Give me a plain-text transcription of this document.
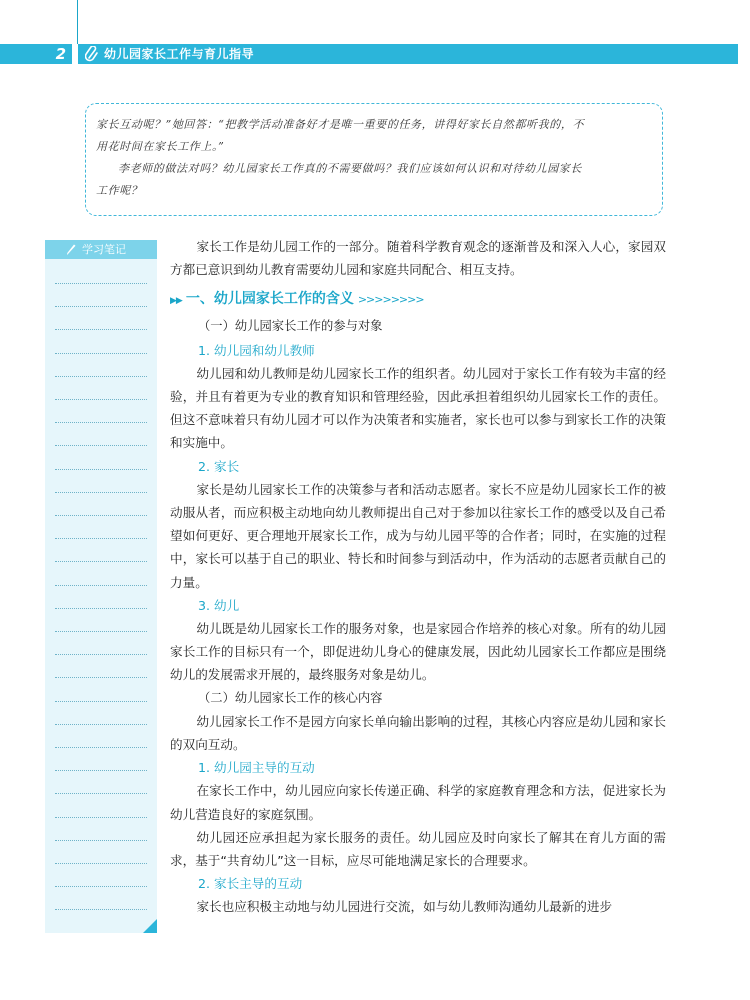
2	幼儿园家长工作与育儿指导

家长互动呢？”她回答：“把教学活动准备好才是唯一重要的任务，讲得好家长自然都听我的，不

用花时间在家长工作上。”

李老师的做法对吗？幼儿园家长工作真的不需要做吗？我们应该如何认识和对待幼儿园家长

工作呢？

学习笔记	家长工作是幼儿园工作的一部分。随着科学教育观念的逐渐普及和深入人心，家园双方都已意识到幼儿教育需要幼儿园和家庭共同配合、相互支持。

▶▶ 一、幼儿园家长工作的含义 >>>>>>>>

（一）幼儿园家长工作的参与对象

1. 幼儿园和幼儿教师

幼儿园和幼儿教师是幼儿园家长工作的组织者。幼儿园对于家长工作有较为丰富的经验，并且有着更为专业的教育知识和管理经验，因此承担着组织幼儿园家长工作的责任。但这不意味着只有幼儿园才可以作为决策者和实施者，家长也可以参与到家长工作的决策和实施中。

2. 家长

家长是幼儿园家长工作的决策参与者和活动志愿者。家长不应是幼儿园家长工作的被动服从者，而应积极主动地向幼儿教师提出自己对于参加以往家长工作的感受以及自己希望如何更好、更合理地开展家长工作，成为与幼儿园平等的合作者；同时，在实施的过程中，家长可以基于自己的职业、特长和时间参与到活动中，作为活动的志愿者贡献自己的力量。

3. 幼儿

幼儿既是幼儿园家长工作的服务对象，也是家园合作培养的核心对象。所有的幼儿园家长工作的目标只有一个，即促进幼儿身心的健康发展，因此幼儿园家长工作都应是围绕幼儿的发展需求开展的，最终服务对象是幼儿。

（二）幼儿园家长工作的核心内容

幼儿园家长工作不是园方向家长单向输出影响的过程，其核心内容应是幼儿园和家长的双向互动。

1. 幼儿园主导的互动

在家长工作中，幼儿园应向家长传递正确、科学的家庭教育理念和方法，促进家长为幼儿营造良好的家庭氛围。

幼儿园还应承担起为家长服务的责任。幼儿园应及时向家长了解其在育儿方面的需求，基于“共育幼儿”这一目标，应尽可能地满足家长的合理要求。

2. 家长主导的互动

家长也应积极主动地与幼儿园进行交流，如与幼儿教师沟通幼儿最新的进步
